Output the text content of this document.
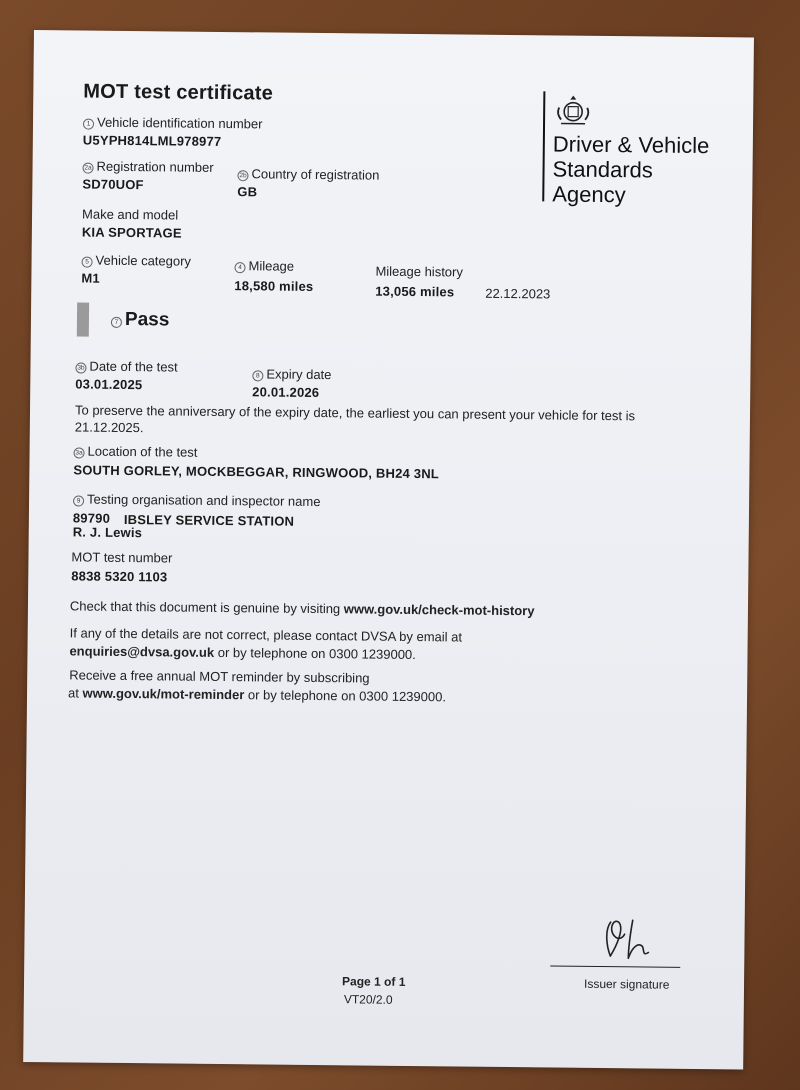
MOT test certificate
Driver & Vehicle
Standards
Agency
1 Vehicle identification number
U5YPH814LML978977
2a Registration number
SD70UOF
2b Country of registration
GB
Make and model
KIA SPORTAGE
5 Vehicle category
M1
4 Mileage
18,580 miles
Mileage history
13,056 miles 22.12.2023
7 Pass
3b Date of the test
03.01.2025
8 Expiry date
20.01.2026
To preserve the anniversary of the expiry date, the earliest you can present your vehicle for test is
21.12.2025.
3a Location of the test
SOUTH GORLEY, MOCKBEGGAR, RINGWOOD, BH24 3NL
9 Testing organisation and inspector name
89790 IBSLEY SERVICE STATION
R. J. Lewis
MOT test number
8838 5320 1103
Check that this document is genuine by visiting www.gov.uk/check-mot-history
If any of the details are not correct, please contact DVSA by email at
enquiries@dvsa.gov.uk or by telephone on 0300 1239000.
Receive a free annual MOT reminder by subscribing
at www.gov.uk/mot-reminder or by telephone on 0300 1239000.
Page 1 of 1
VT20/2.0
Issuer signature
